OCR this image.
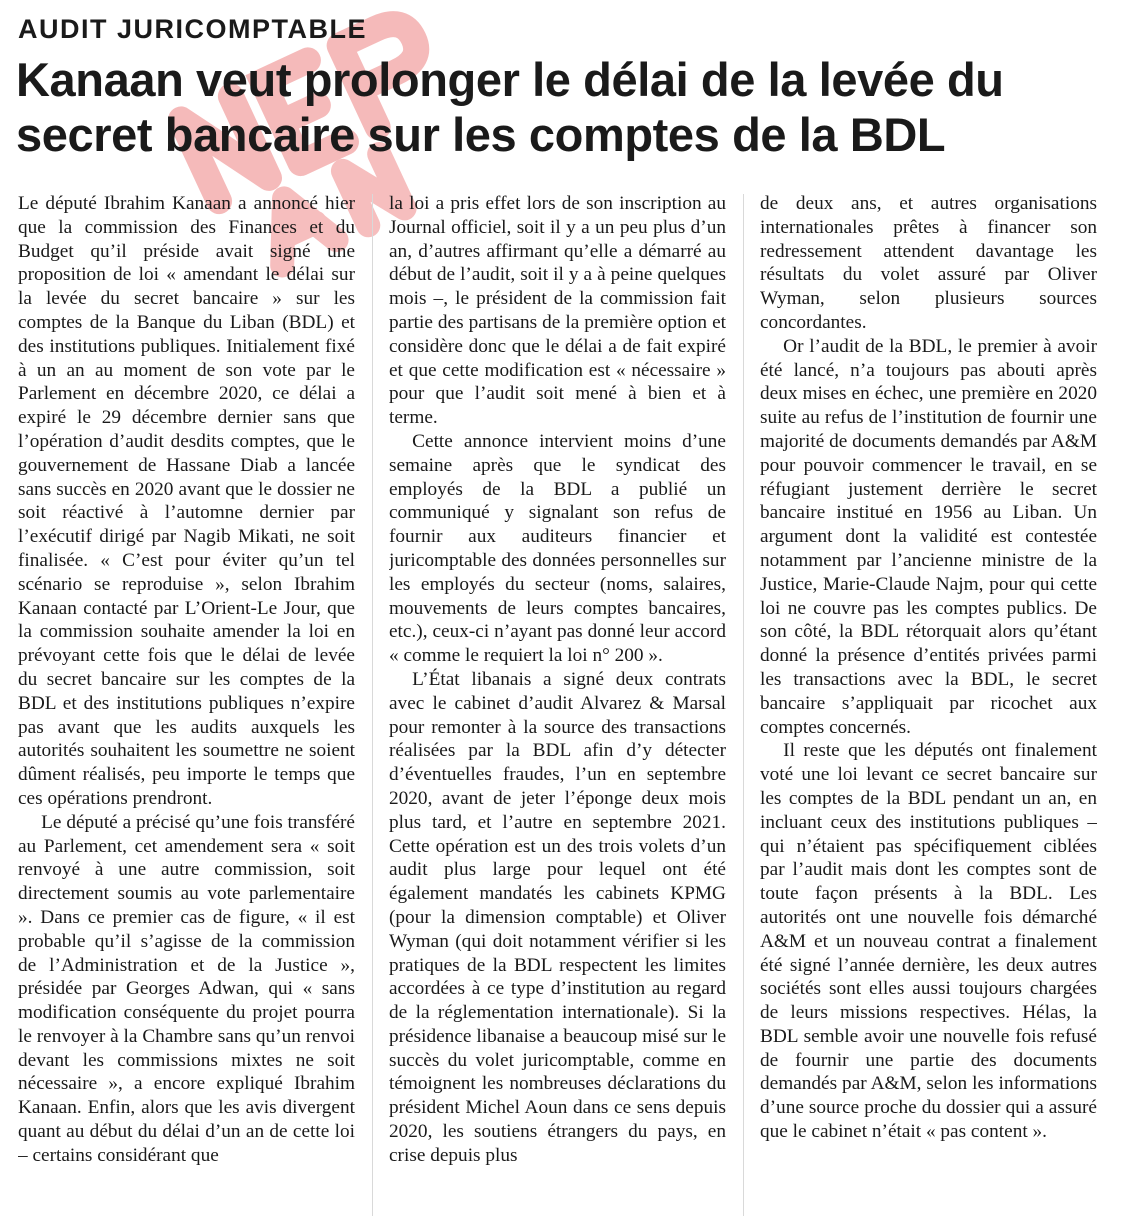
AUDIT JURICOMPTABLE

Kanaan veut prolonger le délai de la levée du
secret bancaire sur les comptes de la BDL

Le député Ibrahim Kanaan a annoncé hier que la commission des Finances et du Budget qu’il préside avait signé une proposition de loi « amendant le délai sur la levée du secret bancaire » sur les comptes de la Banque du Liban (BDL) et des institutions publiques. Initialement fixé à un an au moment de son vote par le Parlement en décembre 2020, ce délai a expiré le 29 décembre dernier sans que l’opération d’audit desdits comptes, que le gouvernement de Hassane Diab a lancée sans succès en 2020 avant que le dossier ne soit réactivé à l’automne dernier par l’exécutif dirigé par Nagib Mikati, ne soit finalisée. « C’est pour éviter qu’un tel scénario se reproduise », selon Ibrahim Kanaan contacté par L’Orient-Le Jour, que la commission souhaite amender la loi en prévoyant cette fois que le délai de levée du secret bancaire sur les comptes de la BDL et des institutions publiques n’expire pas avant que les audits auxquels les autorités souhaitent les soumettre ne soient dûment réalisés, peu importe le temps que ces opérations prendront.

Le député a précisé qu’une fois transféré au Parlement, cet amendement sera « soit renvoyé à une autre commission, soit directement soumis au vote parlementaire ». Dans ce premier cas de figure, « il est probable qu’il s’agisse de la commission de l’Administration et de la Justice », présidée par Georges Adwan, qui « sans modification conséquente du projet pourra le renvoyer à la Chambre sans qu’un renvoi devant les commissions mixtes ne soit nécessaire », a encore expliqué Ibrahim Kanaan. Enfin, alors que les avis divergent quant au début du délai d’un an de cette loi – certains considérant que

la loi a pris effet lors de son inscription au Journal officiel, soit il y a un peu plus d’un an, d’autres affirmant qu’elle a démarré au début de l’audit, soit il y a à peine quelques mois –, le président de la commission fait partie des partisans de la première option et considère donc que le délai a de fait expiré et que cette modification est « nécessaire » pour que l’audit soit mené à bien et à terme.

Cette annonce intervient moins d’une semaine après que le syndicat des employés de la BDL a publié un communiqué y signalant son refus de fournir aux auditeurs financier et juricomptable des données personnelles sur les employés du secteur (noms, salaires, mouvements de leurs comptes bancaires, etc.), ceux-ci n’ayant pas donné leur accord « comme le requiert la loi n° 200 ».

L’État libanais a signé deux contrats avec le cabinet d’audit Alvarez & Marsal pour remonter à la source des transactions réalisées par la BDL afin d’y détecter d’éventuelles fraudes, l’un en septembre 2020, avant de jeter l’éponge deux mois plus tard, et l’autre en septembre 2021. Cette opération est un des trois volets d’un audit plus large pour lequel ont été également mandatés les cabinets KPMG (pour la dimension comptable) et Oliver Wyman (qui doit notamment vérifier si les pratiques de la BDL respectent les limites accordées à ce type d’institution au regard de la réglementation internationale). Si la présidence libanaise a beaucoup misé sur le succès du volet juricomptable, comme en témoignent les nombreuses déclarations du président Michel Aoun dans ce sens depuis 2020, les soutiens étrangers du pays, en crise depuis plus

de deux ans, et autres organisations internationales prêtes à financer son redressement attendent davantage les résultats du volet assuré par Oliver Wyman, selon plusieurs sources concordantes.

Or l’audit de la BDL, le premier à avoir été lancé, n’a toujours pas abouti après deux mises en échec, une première en 2020 suite au refus de l’institution de fournir une majorité de documents demandés par A&M pour pouvoir commencer le travail, en se réfugiant justement derrière le secret bancaire institué en 1956 au Liban. Un argument dont la validité est contestée notamment par l’ancienne ministre de la Justice, Marie-Claude Najm, pour qui cette loi ne couvre pas les comptes publics. De son côté, la BDL rétorquait alors qu’étant donné la présence d’entités privées parmi les transactions avec la BDL, le secret bancaire s’appliquait par ricochet aux comptes concernés.

Il reste que les députés ont finalement voté une loi levant ce secret bancaire sur les comptes de la BDL pendant un an, en incluant ceux des institutions publiques – qui n’étaient pas spécifiquement ciblées par l’audit mais dont les comptes sont de toute façon présents à la BDL. Les autorités ont une nouvelle fois démarché A&M et un nouveau contrat a finalement été signé l’année dernière, les deux autres sociétés sont elles aussi toujours chargées de leurs missions respectives. Hélas, la BDL semble avoir une nouvelle fois refusé de fournir une partie des documents demandés par A&M, selon les informations d’une source proche du dossier qui a assuré que le cabinet n’était « pas content ».
